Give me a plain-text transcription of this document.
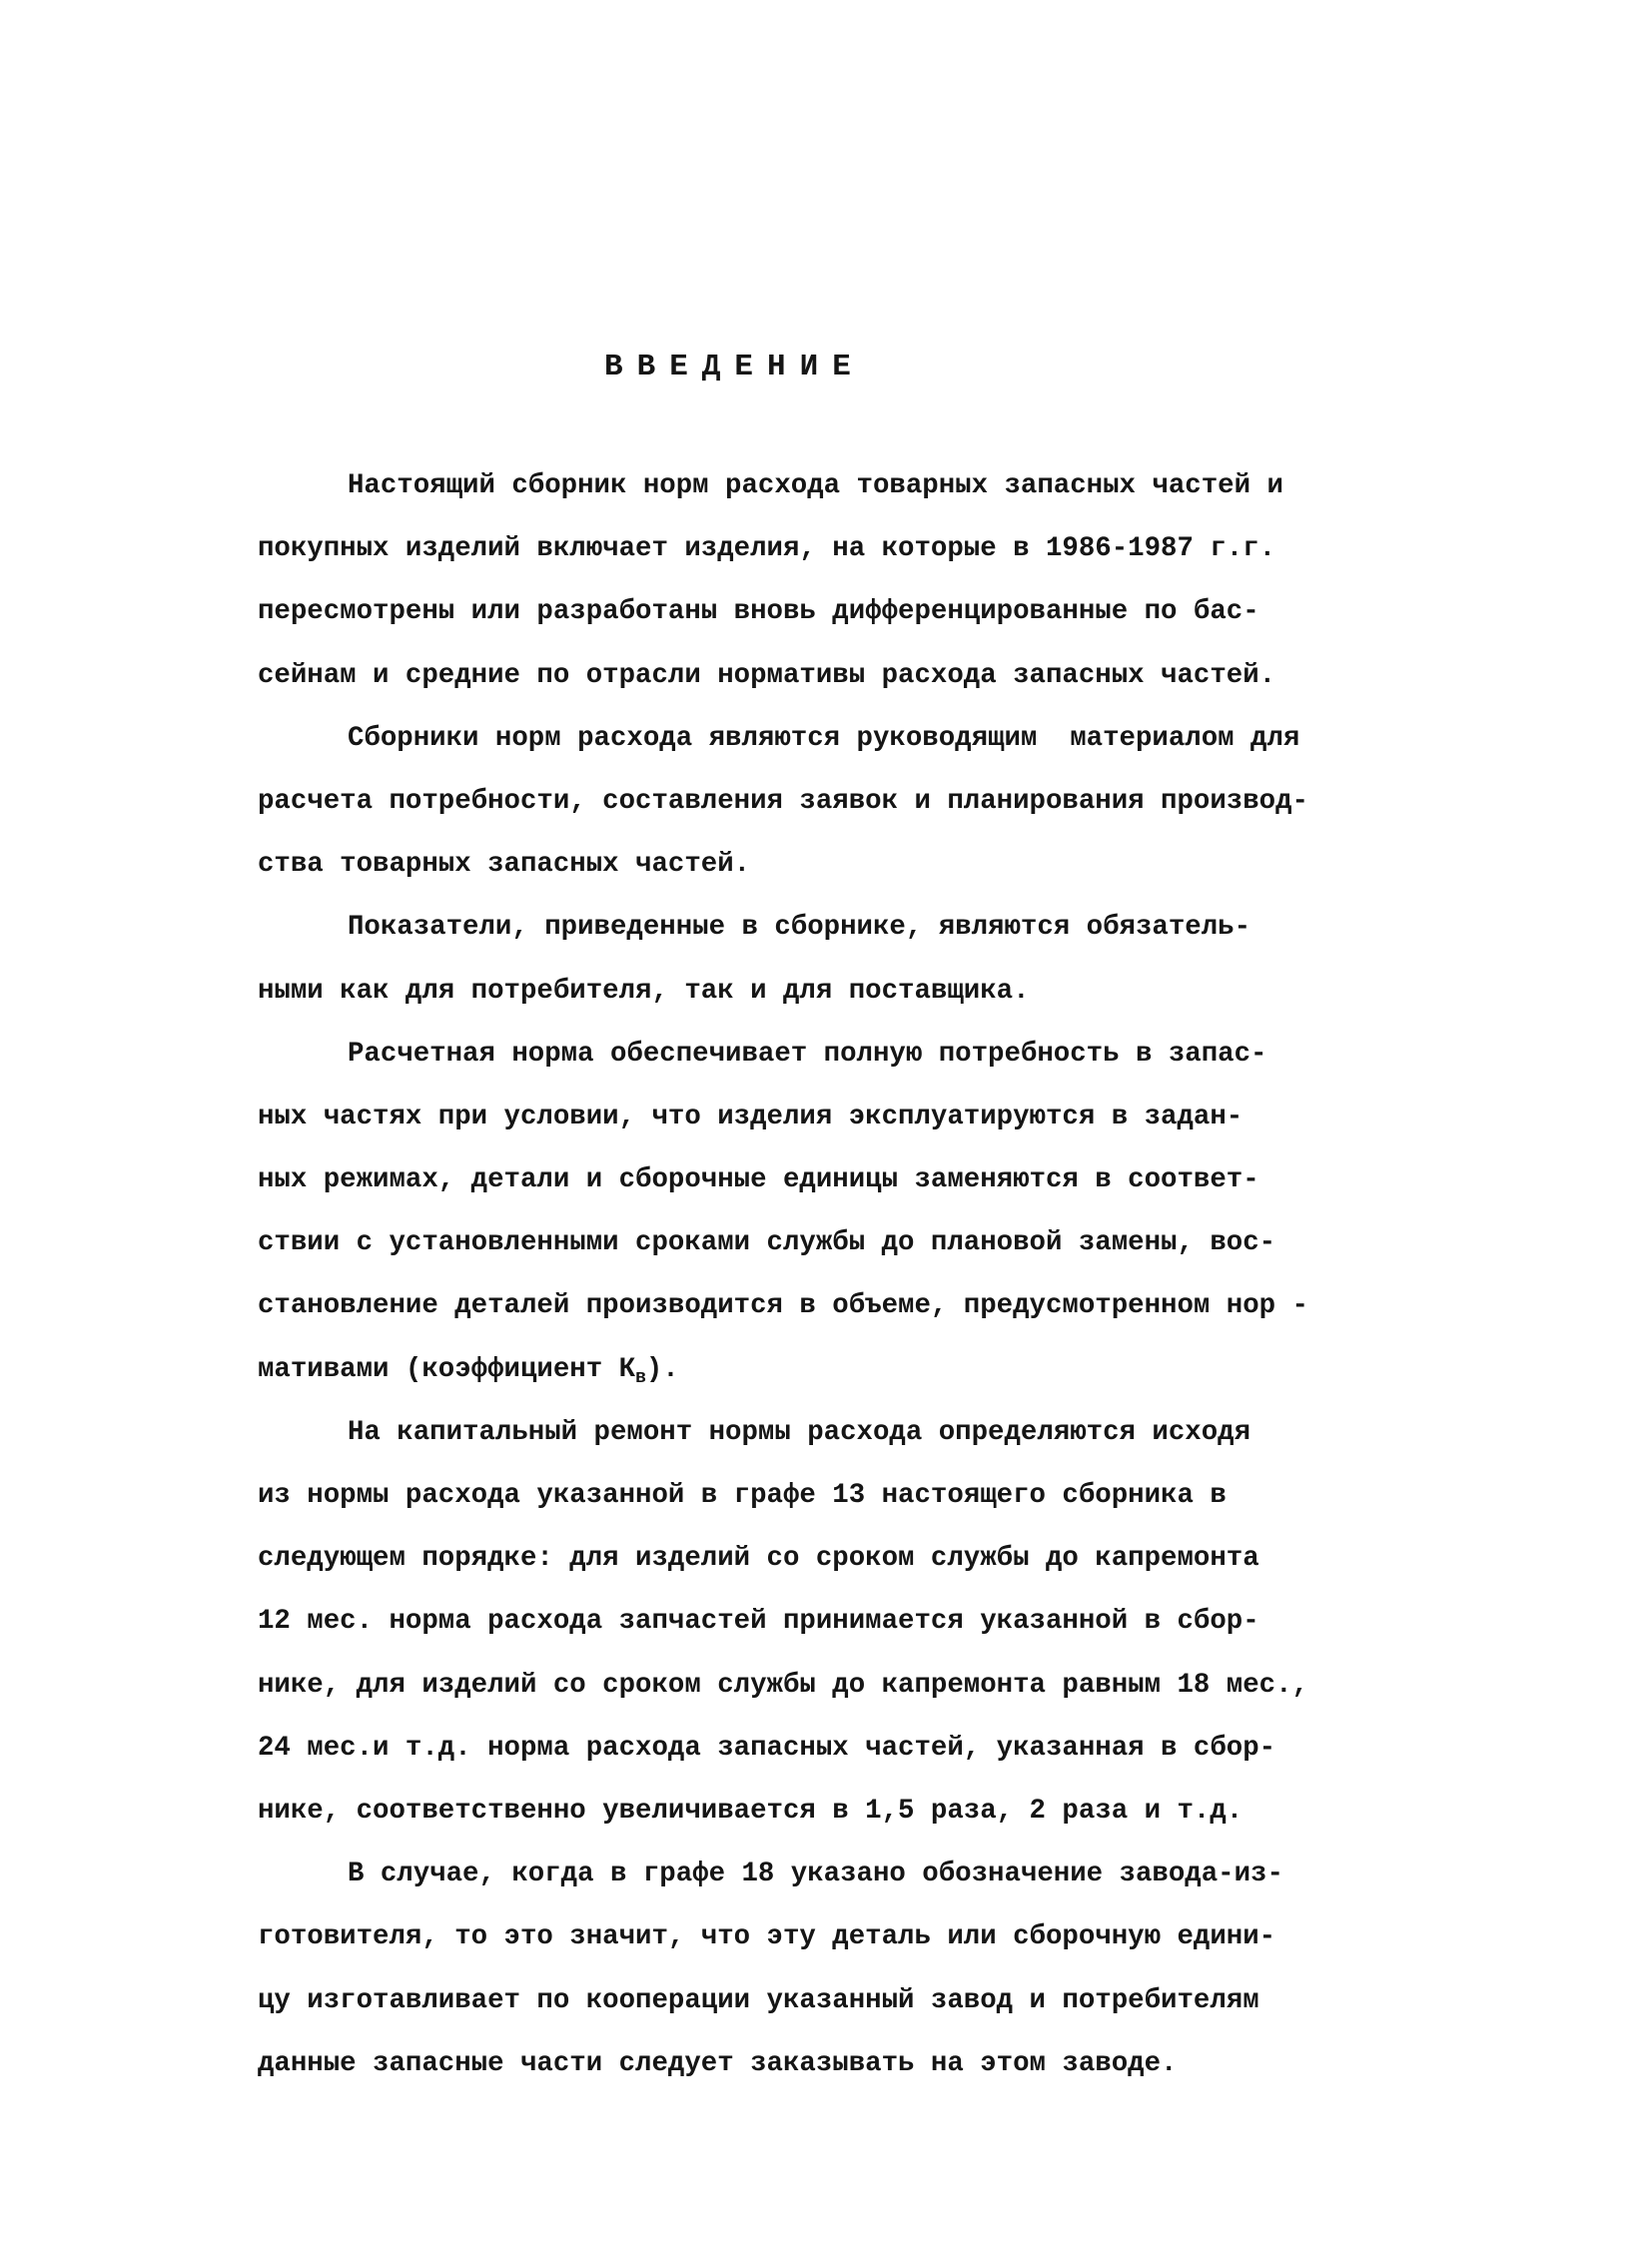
ВВЕДЕНИЕ
Настоящий сборник норм расхода товарных запасных частей и
покупных изделий включает изделия, на которые в 1986-1987 г.г.
пересмотрены или разработаны вновь дифференцированные по бас-
сейнам и средние по отрасли нормативы расхода запасных частей.
Сборники норм расхода являются руководящим  материалом для
расчета потребности, составления заявок и планирования производ-
ства товарных запасных частей.
Показатели, приведенные в сборнике, являются обязатель-
ными как для потребителя, так и для поставщика.
Расчетная норма обеспечивает полную потребность в запас-
ных частях при условии, что изделия эксплуатируются в задан-
ных режимах, детали и сборочные единицы заменяются в соответ-
ствии с установленными сроками службы до плановой замены, вос-
становление деталей производится в объеме, предусмотренном нор -
мативами (коэффициент $К_в$).
На капитальный ремонт нормы расхода определяются исходя
из нормы расхода указанной в графе 13 настоящего сборника в
следующем порядке: для изделий со сроком службы до капремонта
12 мес. норма расхода запчастей принимается указанной в сбор-
нике, для изделий со сроком службы до капремонта равным 18 мес.,
24 мес.и т.д. норма расхода запасных частей, указанная в сбор-
нике, соответственно увеличивается в 1,5 раза, 2 раза и т.д.
В случае, когда в графе 18 указано обозначение завода-из-
готовителя, то это значит, что эту деталь или сборочную едини-
цу изготавливает по кооперации указанный завод и потребителям
данные запасные части следует заказывать на этом заводе.
